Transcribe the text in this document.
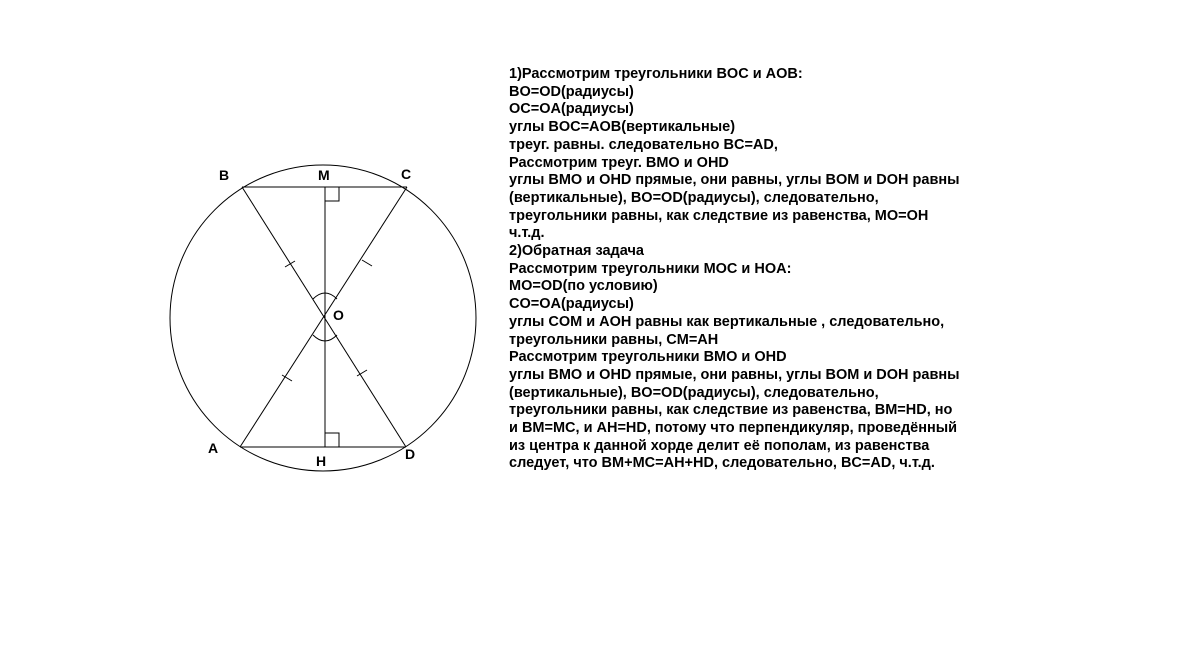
B	M	C
O
A
H	D
1)Рассмотрим треугольники BOC и AOB:
BO=OD(радиусы)
OC=OA(радиусы)
углы BOC=AOB(вертикальные)
треуг. равны. следовательно BC=AD,
Рассмотрим треуг. BMO и OHD
углы BMO и OHD прямые, они равны, углы BOM и DOH равны
(вертикальные), BO=OD(радиусы), следовательно,
треугольники равны, как следствие из равенства, MO=OH
ч.т.д.
2)Обратная задача
Рассмотрим треугольники MOC и HOA:
MO=OD(по условию)
CO=OA(радиусы)
углы COM и AOH равны как вертикальные , следовательно,
треугольники равны, CM=AH
Рассмотрим треугольники BMO и OHD
углы BMO и OHD прямые, они равны, углы BOM и DOH равны
(вертикальные), BO=OD(радиусы), следовательно,
треугольники равны, как следствие из равенства, BM=HD, но
и BM=MC, и AH=HD, потому что перпендикуляр, проведённый
из центра к данной хорде делит её пополам, из равенства
следует, что BM+MC=AH+HD, следовательно, BC=AD, ч.т.д.
